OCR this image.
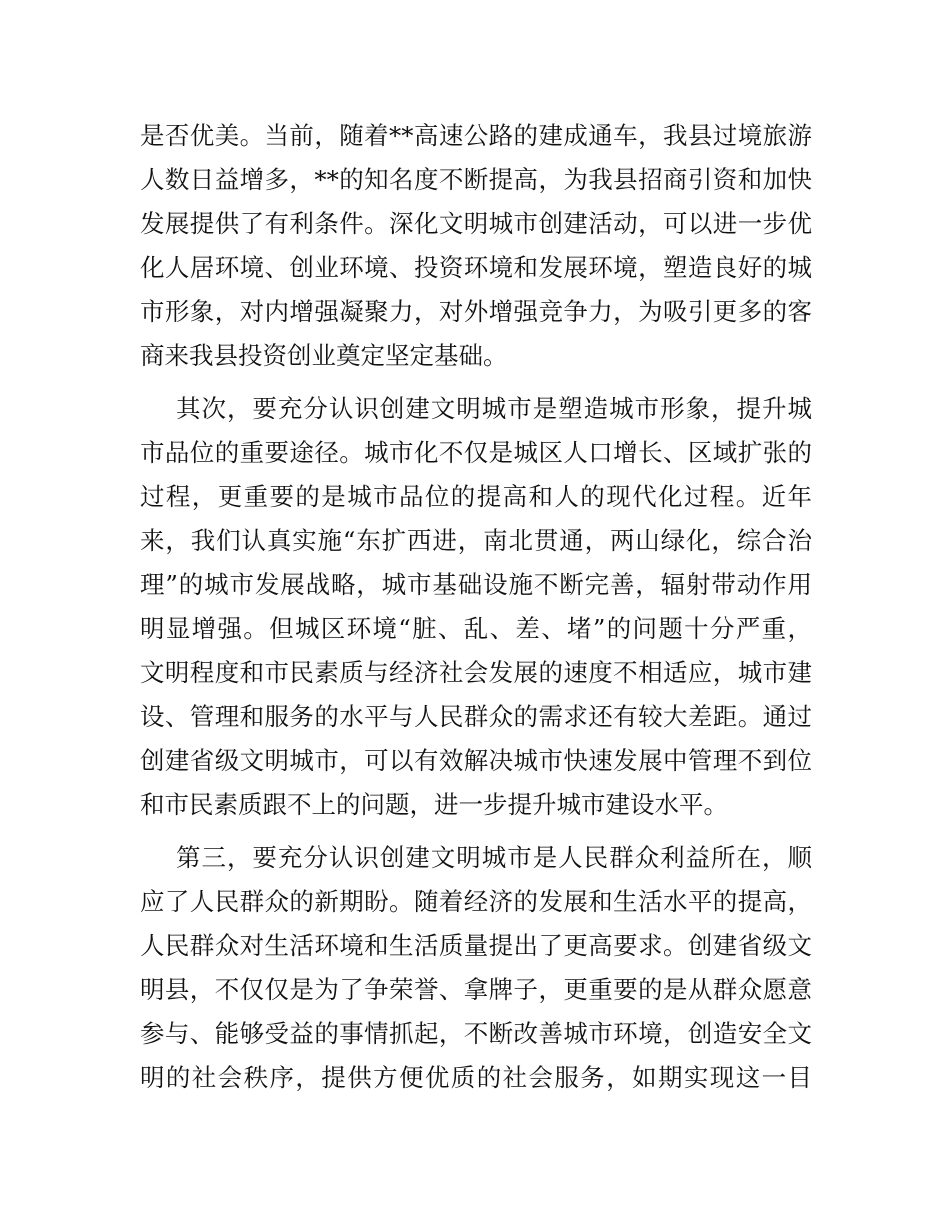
是否优美。当前，随着**高速公路的建成通车，我县过境旅游

人数日益增多，**的知名度不断提高，为我县招商引资和加快

发展提供了有利条件。深化文明城市创建活动，可以进一步优

化人居环境、创业环境、投资环境和发展环境，塑造良好的城

市形象，对内增强凝聚力，对外增强竞争力，为吸引更多的客

商来我县投资创业奠定坚定基础。

其次，要充分认识创建文明城市是塑造城市形象，提升城

市品位的重要途径。城市化不仅是城区人口增长、区域扩张的

过程，更重要的是城市品位的提高和人的现代化过程。近年

来，我们认真实施“东扩西进，南北贯通，两山绿化，综合治

理”的城市发展战略，城市基础设施不断完善，辐射带动作用

明显增强。但城区环境“脏、乱、差、堵”的问题十分严重，

文明程度和市民素质与经济社会发展的速度不相适应，城市建

设、管理和服务的水平与人民群众的需求还有较大差距。通过

创建省级文明城市，可以有效解决城市快速发展中管理不到位

和市民素质跟不上的问题，进一步提升城市建设水平。

第三，要充分认识创建文明城市是人民群众利益所在，顺

应了人民群众的新期盼。随着经济的发展和生活水平的提高，

人民群众对生活环境和生活质量提出了更高要求。创建省级文

明县，不仅仅是为了争荣誉、拿牌子，更重要的是从群众愿意

参与、能够受益的事情抓起，不断改善城市环境，创造安全文

明的社会秩序，提供方便优质的社会服务，如期实现这一目
